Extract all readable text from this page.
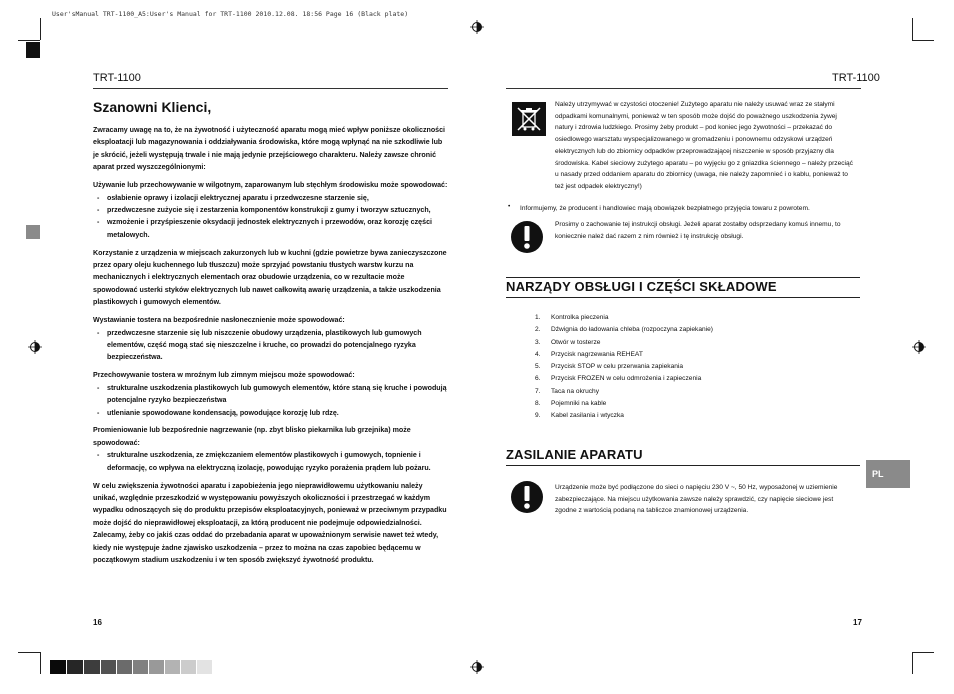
User'sManual TRT-1100_A5:User's Manual for TRT-1100 2010.12.08. 18:56 Page 16 (Black plate)
TRT-1100
Szanowni Klienci,

Zwracamy uwagę na to, że na żywotność i użyteczność aparatu mogą mieć wpływ poniższe okoliczności eksploatacji lub magazynowania i oddziaływania środowiska, które mogą wpłynąć na nie szkodliwie lub je skrócić, jeżeli występują trwale i nie mają jedynie przejściowego charakteru. Należy zawsze chronić aparat przed wyszczególnionymi:

Używanie lub przechowywanie w wilgotnym, zaparowanym lub stęchłym środowisku może spowodować:

- osłabienie oprawy i izolacji elektrycznej aparatu i przedwczesne starzenie się,
- przedwczesne zużycie się i zestarzenia komponentów konstrukcji z gumy i tworzyw sztucznych,
- wzmożenie i przyśpieszenie oksydacji jednostek elektrycznych i przewodów, oraz korozję części metalowych.

Korzystanie z urządzenia w miejscach zakurzonych lub w kuchni (gdzie powietrze bywa zanieczyszczone przez opary oleju kuchennego lub tłuszczu) może sprzyjać powstaniu tłustych warstw kurzu na mechanicznych i elektrycznych elementach oraz obudowie urządzenia, co w rezultacie może spowodować usterki styków elektrycznych lub nawet całkowitą awarię urządzenia, a także uszkodzenia plastikowych i gumowych elementów.

Wystawianie tostera na bezpośrednie nasłonecznienie może spowodować:

- przedwczesne starzenie się lub niszczenie obudowy urządzenia, plastikowych lub gumowych elementów, część mogą stać się nieszczelne i kruche, co prowadzi do potencjalnego ryzyka bezpieczeństwa.

Przechowywanie tostera w mroźnym lub zimnym miejscu może spowodować:

- strukturalne uszkodzenia plastikowych lub gumowych elementów, które staną się kruche i powodują potencjalne ryzyko bezpieczeństwa
- utlenianie spowodowane kondensacją, powodujące korozję lub rdzę.

Promieniowanie lub bezpośrednie nagrzewanie (np. zbyt blisko piekarnika lub grzejnika) może spowodować:

- strukturalne uszkodzenia, ze zmiękczaniem elementów plastikowych i gumowych, topnienie i deformację, co wpływa na elektryczną izolację, powodując ryzyko porażenia prądem lub pożaru.

W celu zwiększenia żywotności aparatu i zapobieżenia jego nieprawidłowemu użytkowaniu należy unikać, względnie przeszkodzić w występowaniu powyższych okoliczności i przestrzegać w każdym wypadku odnoszących się do produktu przepisów eksploatacyjnych, ponieważ w przeciwnym przypadku może dojść do nieprawidłowej eksploatacji, za którą producent nie podejmuje odpowiedzialności. Zalecamy, żeby co jakiś czas oddać do przebadania aparat w upoważnionym serwisie nawet też wtedy, kiedy nie występuje żadne zjawisko uszkodzenia – przez to można na czas zapobiec będącemu w początkowym stadium uszkodzeniu i w ten sposób zwiększyć żywotność produktu.

16
TRT-1100
Należy utrzymywać w czystości otoczenie! Zużytego aparatu nie należy usuwać wraz ze stałymi odpadkami komunalnymi, ponieważ w ten sposób może dojść do poważnego uszkodzenia żywej natury i zdrowia ludzkiego. Prosimy żeby produkt – pod koniec jego żywotności – przekazać do osiedlowego warsztatu wyspecjalizowanego w gromadzeniu i ponownemu odzyskowi urządzeń elektrycznych lub do zbiornicy odpadków przeprowadzającej niszczenie w sposób przyjazny dla środowiska. Kabel sieciowy zużytego aparatu – po wyjęciu go z gniazdka ściennego – należy przeciąć u nasady przed oddaniem aparatu do zbiornicy (uwaga, nie należy zapomnieć i o kablu, ponieważ to też jest odpadek elektryczny!)
• Informujemy, że producent i handlowiec mają obowiązek bezpłatnego przyjęcia towaru z powrotem.
Prosimy o zachowanie tej instrukcji obsługi. Jeżeli aparat zostałby odsprzedany komuś innemu, to koniecznie należ dać razem z nim również i tę instrukcję obsługi.
NARZĄDY OBSŁUGI I CZĘŚCI SKŁADOWE
1. Kontrolka pieczenia
2. Dźwignia do ładowania chleba (rozpoczyna zapiekanie)
3. Otwór w tosterze
4. Przycisk nagrzewania REHEAT
5. Przycisk STOP w celu przerwania zapiekania
6. Przycisk FROZEN w celu odmrożenia i zapieczenia
7. Taca na okruchy
8. Pojemniki na kable
9. Kabel zasilania i wtyczka
ZASILANIE APARATU
Urządzenie może być podłączone do sieci o napięciu 230 V ~, 50 Hz, wyposażonej w uziemienie zabezpieczające. Na miejscu użytkowania zawsze należy sprawdzić, czy napięcie sieciowe jest zgodne z wartością podaną na tabliczce znamionowej urządzenia.
PL
17
